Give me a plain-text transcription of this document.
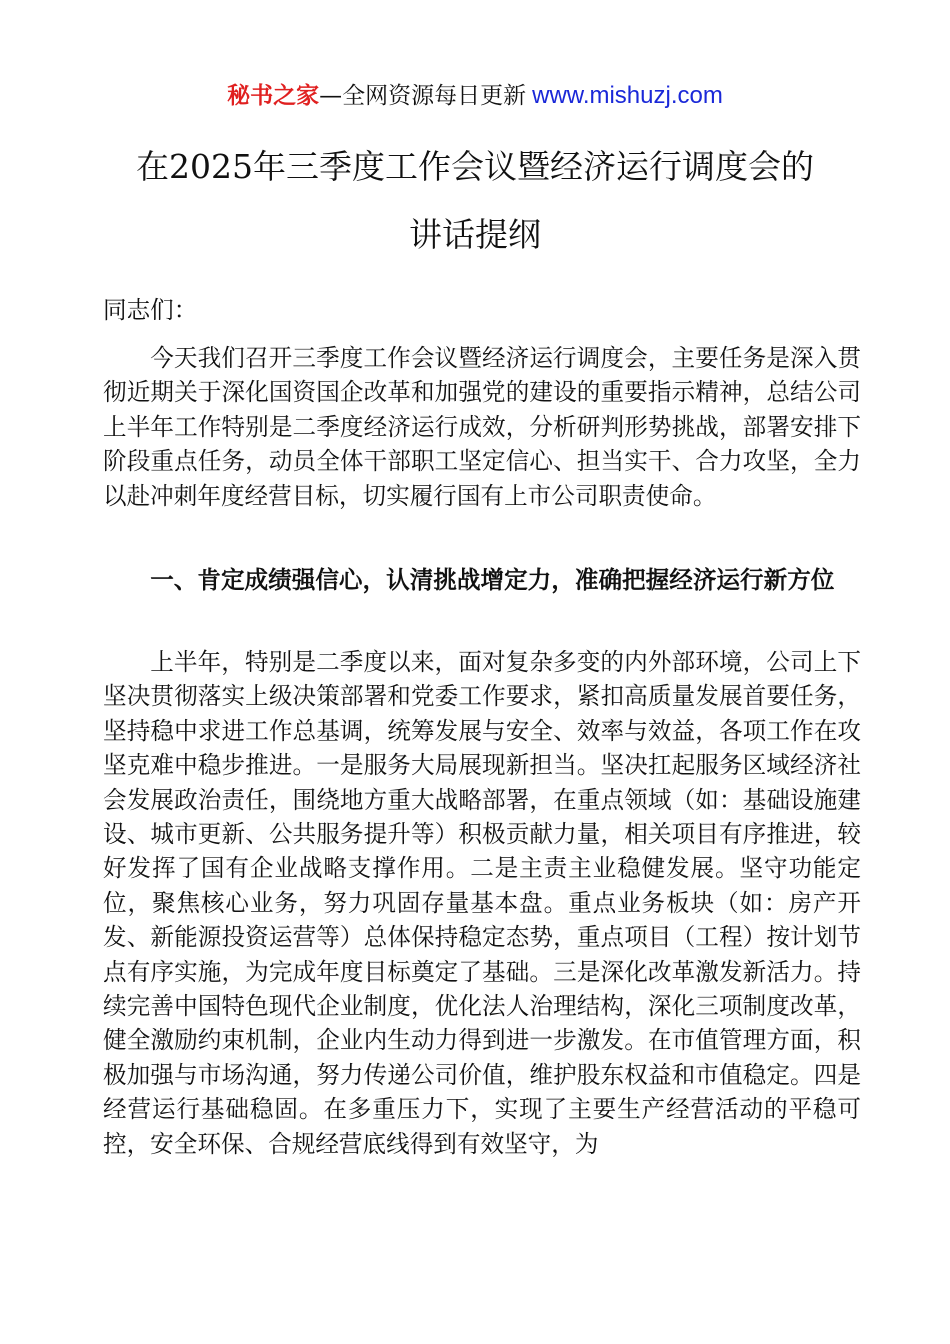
秘书之家—全网资源每日更新 www.mishuzj.com
在2025年三季度工作会议暨经济运行调度会的
讲话提纲
同志们：

今天我们召开三季度工作会议暨经济运行调度会，主要任务是深入贯彻近期关于深化国资国企改革和加强党的建设的重要指示精神，总结公司上半年工作特别是二季度经济运行成效，分析研判形势挑战，部署安排下阶段重点任务，动员全体干部职工坚定信心、担当实干、合力攻坚，全力以赴冲刺年度经营目标，切实履行国有上市公司职责使命。

一、肯定成绩强信心，认清挑战增定力，准确把握经济运行新方位

上半年，特别是二季度以来，面对复杂多变的内外部环境，公司上下坚决贯彻落实上级决策部署和党委工作要求，紧扣高质量发展首要任务，坚持稳中求进工作总基调，统筹发展与安全、效率与效益，各项工作在攻坚克难中稳步推进。一是服务大局展现新担当。坚决扛起服务区域经济社会发展政治责任，围绕地方重大战略部署，在重点领域（如：基础设施建设、城市更新、公共服务提升等）积极贡献力量，相关项目有序推进，较好发挥了国有企业战略支撑作用。二是主责主业稳健发展。坚守功能定位，聚焦核心业务，努力巩固存量基本盘。重点业务板块（如：房产开发、新能源投资运营等）总体保持稳定态势，重点项目（工程）按计划节点有序实施，为完成年度目标奠定了基础。三是深化改革激发新活力。持续完善中国特色现代企业制度，优化法人治理结构，深化三项制度改革，健全激励约束机制，企业内生动力得到进一步激发。在市值管理方面，积极加强与市场沟通，努力传递公司价值，维护股东权益和市值稳定。四是经营运行基础稳固。在多重压力下，实现了主要生产经营活动的平稳可控，安全环保、合规经营底线得到有效坚守，为
